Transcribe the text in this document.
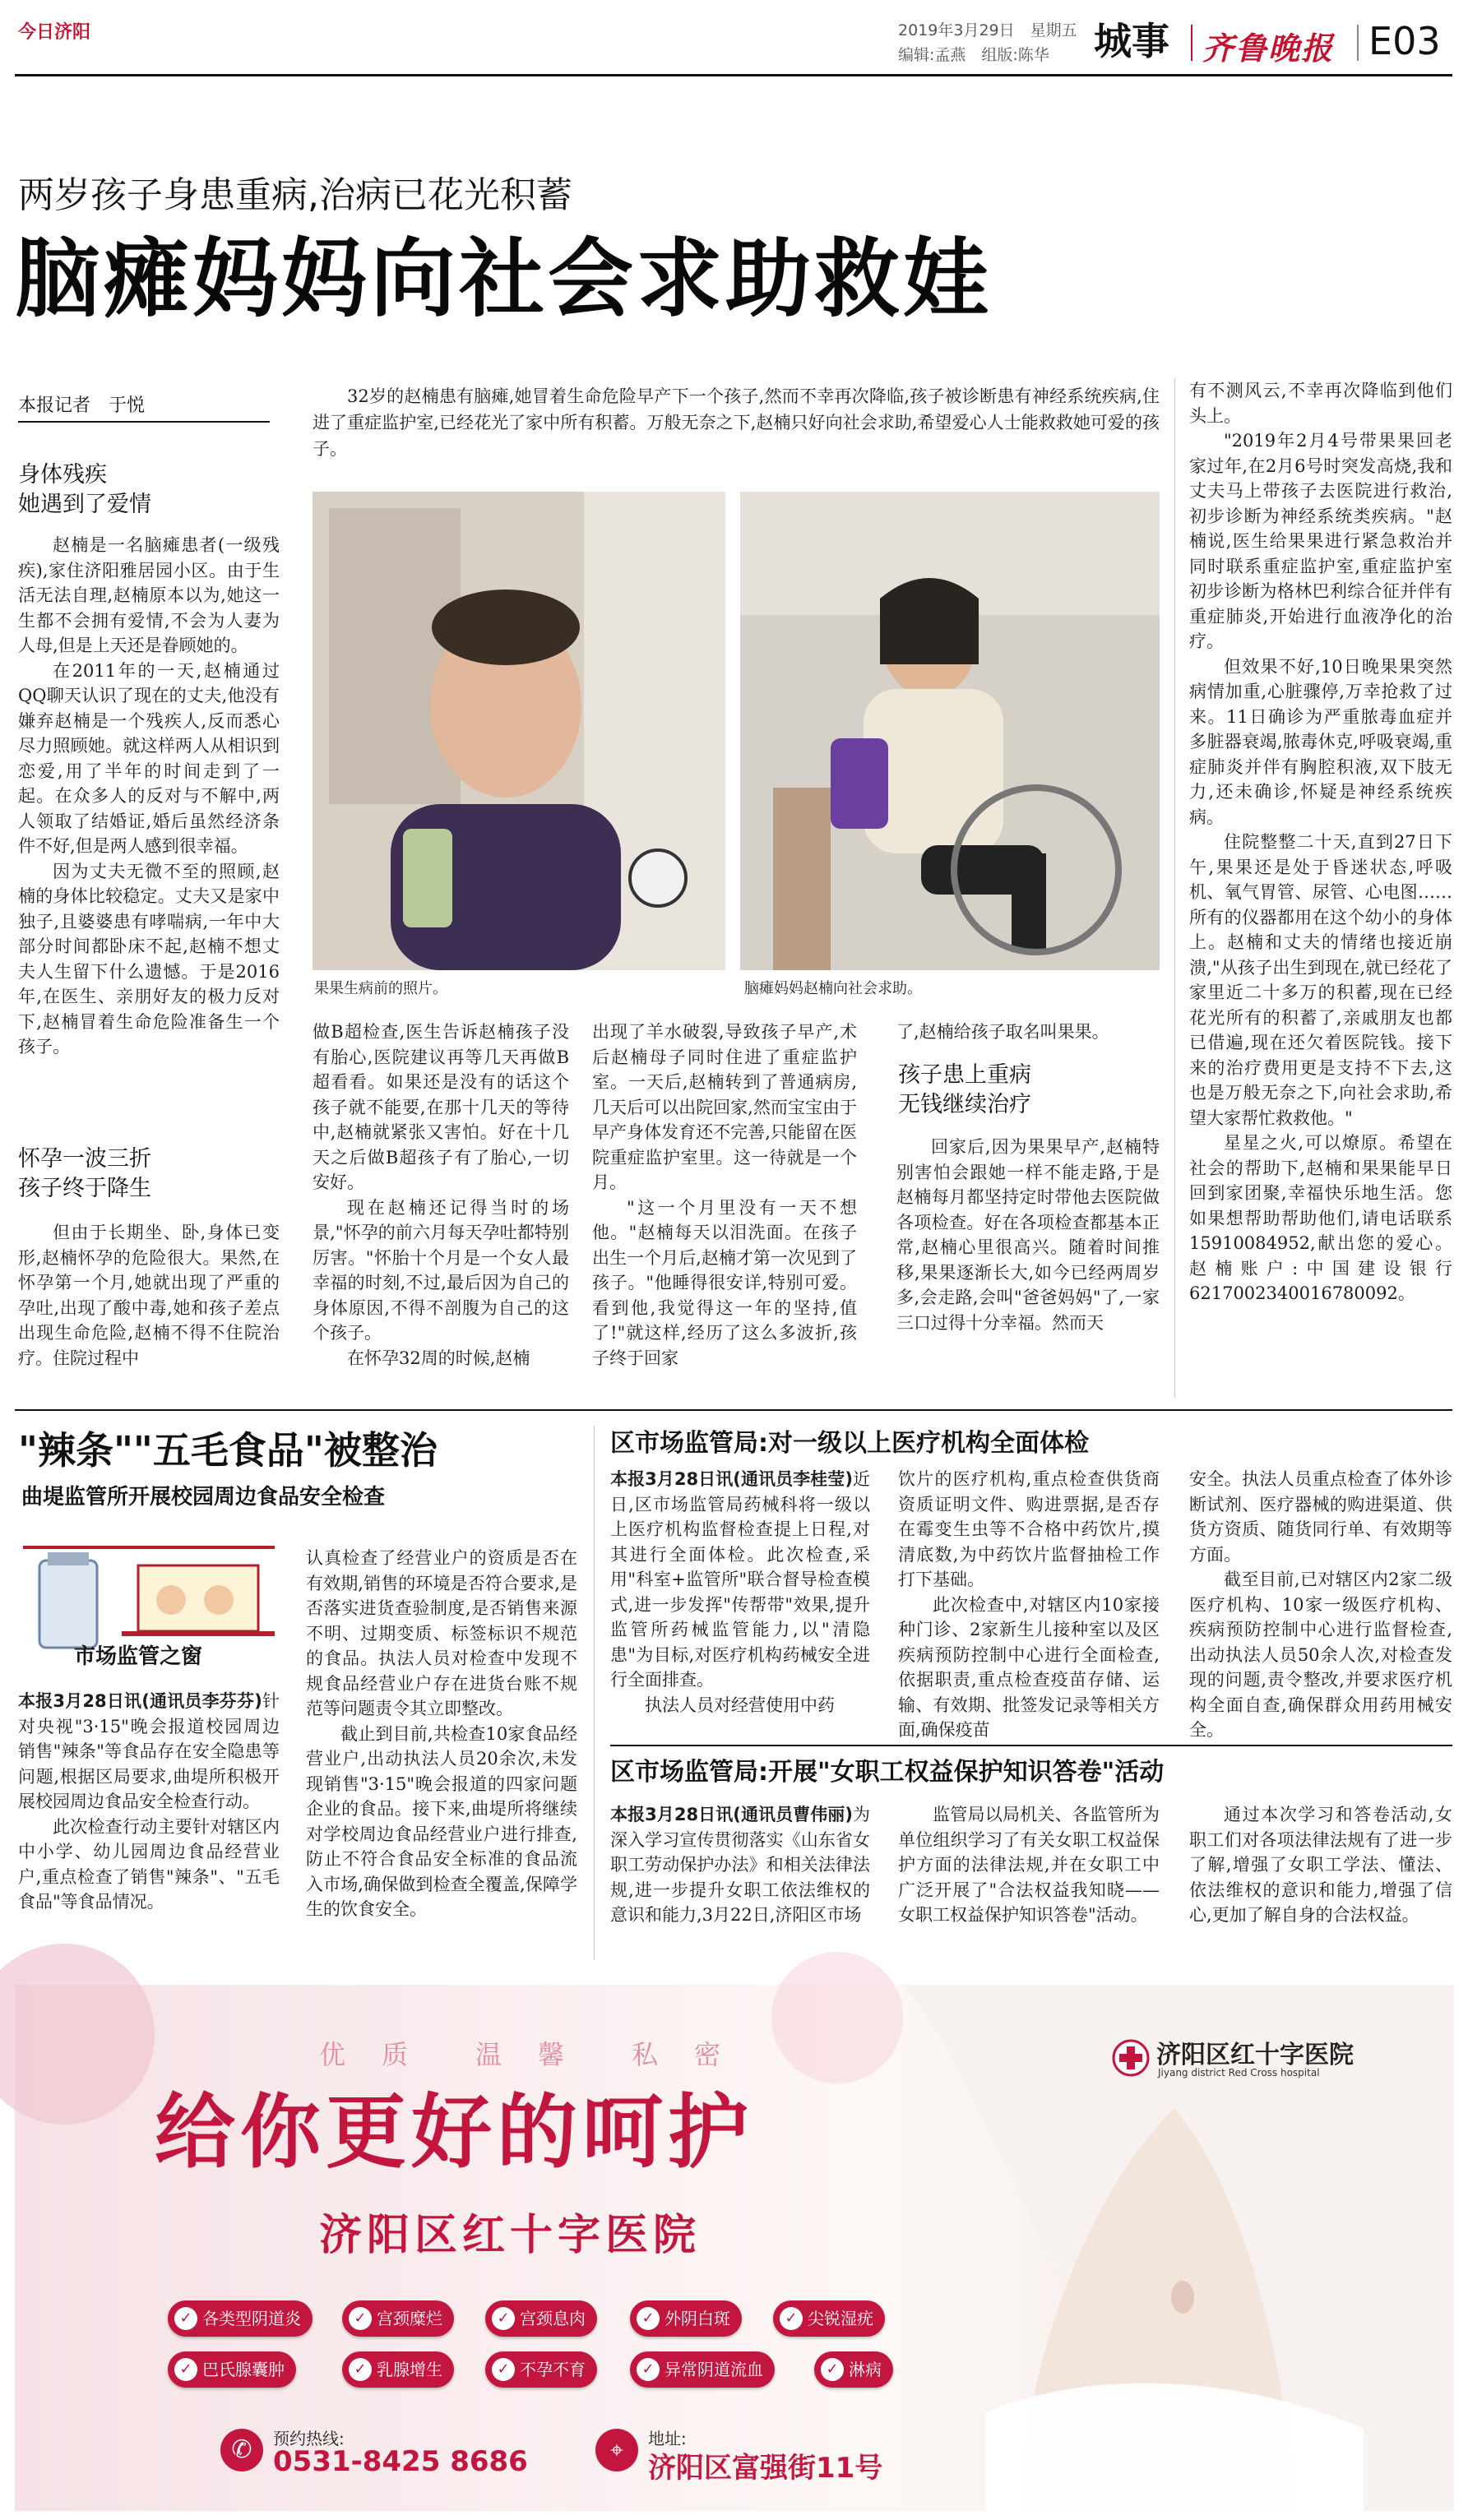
今日济阳	2019年3月29日　星期五
编辑:孟燕　组版:陈华 城事 齐鲁晚报 E03
两岁孩子身患重病,治病已花光积蓄
脑瘫妈妈向社会求助救娃
本报记者　于悦	32岁的赵楠患有脑瘫,她冒着生命危险早产下一个孩子,然而不幸再次降临,孩子被诊断患有神经系统疾病,住进了重症监护室,已经花光了家中所有积蓄。万般无奈之下,赵楠只好向社会求助,希望爱心人士能救救她可爱的孩子。
身体残疾
她遇到了爱情

赵楠是一名脑瘫患者(一级残疾),家住济阳雅居园小区。由于生活无法自理,赵楠原本以为,她这一生都不会拥有爱情,不会为人妻为人母,但是上天还是眷顾她的。

在2011年的一天,赵楠通过QQ聊天认识了现在的丈夫,他没有嫌弃赵楠是一个残疾人,反而悉心尽力照顾她。就这样两人从相识到恋爱,用了半年的时间走到了一起。在众多人的反对与不解中,两人领取了结婚证,婚后虽然经济条件不好,但是两人感到很幸福。

因为丈夫无微不至的照顾,赵楠的身体比较稳定。丈夫又是家中独子,且婆婆患有哮喘病,一年中大部分时间都卧床不起,赵楠不想丈夫人生留下什么遗憾。于是2016年,在医生、亲朋好友的极力反对下,赵楠冒着生命危险准备生一个孩子。

怀孕一波三折
孩子终于降生

但由于长期坐、卧,身体已变形,赵楠怀孕的危险很大。果然,在怀孕第一个月,她就出现了严重的孕吐,出现了酸中毒,她和孩子差点出现生命危险,赵楠不得不住院治疗。住院过程中

果果生病前的照片。	脑瘫妈妈赵楠向社会求助。

做B超检查,医生告诉赵楠孩子没有胎心,医院建议再等几天再做B超看看。如果还是没有的话这个孩子就不能要,在那十几天的等待中,赵楠就紧张又害怕。好在十几天之后做B超孩子有了胎心,一切安好。

现在赵楠还记得当时的场景,"怀孕的前六月每天孕吐都特别厉害。"怀胎十个月是一个女人最幸福的时刻,不过,最后因为自己的身体原因,不得不剖腹为自己的这个孩子。

在怀孕32周的时候,赵楠

出现了羊水破裂,导致孩子早产,术后赵楠母子同时住进了重症监护室。一天后,赵楠转到了普通病房,几天后可以出院回家,然而宝宝由于早产身体发育还不完善,只能留在医院重症监护室里。这一待就是一个月。

"这一个月里没有一天不想他。"赵楠每天以泪洗面。在孩子出生一个月后,赵楠才第一次见到了孩子。"他睡得很安详,特别可爱。看到他,我觉得这一年的坚持,值了!"就这样,经历了这么多波折,孩子终于回家

了,赵楠给孩子取名叫果果。
孩子患上重病
无钱继续治疗

回家后,因为果果早产,赵楠特别害怕会跟她一样不能走路,于是赵楠每月都坚持定时带他去医院做各项检查。好在各项检查都基本正常,赵楠心里很高兴。随着时间推移,果果逐渐长大,如今已经两周岁多,会走路,会叫"爸爸妈妈"了,一家三口过得十分幸福。然而天

有不测风云,不幸再次降临到他们头上。

"2019年2月4号带果果回老家过年,在2月6号时突发高烧,我和丈夫马上带孩子去医院进行救治,初步诊断为神经系统类疾病。"赵楠说,医生给果果进行紧急救治并同时联系重症监护室,重症监护室初步诊断为格林巴利综合征并伴有重症肺炎,开始进行血液净化的治疗。

但效果不好,10日晚果果突然病情加重,心脏骤停,万幸抢救了过来。11日确诊为严重脓毒血症并多脏器衰竭,脓毒休克,呼吸衰竭,重症肺炎并伴有胸腔积液,双下肢无力,还未确诊,怀疑是神经系统疾病。

住院整整二十天,直到27日下午,果果还是处于昏迷状态,呼吸机、氧气胃管、尿管、心电图……所有的仪器都用在这个幼小的身体上。赵楠和丈夫的情绪也接近崩溃,"从孩子出生到现在,就已经花了家里近二十多万的积蓄,现在已经花光所有的积蓄了,亲戚朋友也都已借遍,现在还欠着医院钱。接下来的治疗费用更是支持不下去,这也是万般无奈之下,向社会求助,希望大家帮忙救救他。"

星星之火,可以燎原。希望在社会的帮助下,赵楠和果果能早日回到家团聚,幸福快乐地生活。您如果想帮助帮助他们,请电话联系15910084952,献出您的爱心。赵楠账户:中国建设银行6217002340016780092。

"辣条""五毛食品"被整治
曲堤监管所开展校园周边食品安全检查
市场监管之窗

本报3月28日讯(通讯员李芬芬)针对央视"3·15"晚会报道校园周边销售"辣条"等食品存在安全隐患等问题,根据区局要求,曲堤所积极开展校园周边食品安全检查行动。

此次检查行动主要针对辖区内中小学、幼儿园周边食品经营业户,重点检查了销售"辣条"、"五毛食品"等食品情况。

认真检查了经营业户的资质是否在有效期,销售的环境是否符合要求,是否落实进货查验制度,是否销售来源不明、过期变质、标签标识不规范的食品。执法人员对检查中发现不规食品经营业户存在进货台账不规范等问题责令其立即整改。

截止到目前,共检查10家食品经营业户,出动执法人员20余次,未发现销售"3·15"晚会报道的四家问题企业的食品。接下来,曲堤所将继续对学校周边食品经营业户进行排查,防止不符合食品安全标准的食品流入市场,确保做到检查全覆盖,保障学生的饮食安全。

区市场监管局:对一级以上医疗机构全面体检

本报3月28日讯(通讯员李桂莹)近日,区市场监管局药械科将一级以上医疗机构监督检查提上日程,对其进行全面体检。此次检查,采用"科室+监管所"联合督导检查模式,进一步发挥"传帮带"效果,提升监管所药械监管能力,以"清隐患"为目标,对医疗机构药械安全进行全面排查。

执法人员对经营使用中药

饮片的医疗机构,重点检查供货商资质证明文件、购进票据,是否存在霉变生虫等不合格中药饮片,摸清底数,为中药饮片监督抽检工作打下基础。

此次检查中,对辖区内10家接种门诊、2家新生儿接种室以及区疾病预防控制中心进行全面检查,依据职责,重点检查疫苗存储、运输、有效期、批签发记录等相关方面,确保疫苗

安全。执法人员重点检查了体外诊断试剂、医疗器械的购进渠道、供货方资质、随货同行单、有效期等方面。

截至目前,已对辖区内2家二级医疗机构、10家一级医疗机构、疾病预防控制中心进行监督检查,出动执法人员50余人次,对检查发现的问题,责令整改,并要求医疗机构全面自查,确保群众用药用械安全。

区市场监管局:开展"女职工权益保护知识答卷"活动

本报3月28日讯(通讯员曹伟丽)为深入学习宣传贯彻落实《山东省女职工劳动保护办法》和相关法律法规,进一步提升女职工依法维权的意识和能力,3月22日,济阳区市场

监管局以局机关、各监管所为单位组织学习了有关女职工权益保护方面的法律法规,并在女职工中广泛开展了"合法权益我知晓——女职工权益保护知识答卷"活动。

通过本次学习和答卷活动,女职工们对各项法律法规有了进一步了解,增强了女职工学法、懂法、依法维权的意识和能力,增强了信心,更加了解自身的合法权益。

优　质　　温　馨　　私　密
给你更好的呵护
济阳区红十字医院
济阳区红十字医院
Jiyang district Red Cross hospital
✓ 各类型阴道炎	✓ 宫颈糜烂	✓ 宫颈息肉	✓ 外阴白斑	✓ 尖锐湿疣
✓ 巴氏腺囊肿	✓ 乳腺增生	✓ 不孕不育	✓ 异常阴道流血	✓ 淋病
✆	预约热线:
0531-8425 8686	⌖	地址:
济阳区富强街11号
